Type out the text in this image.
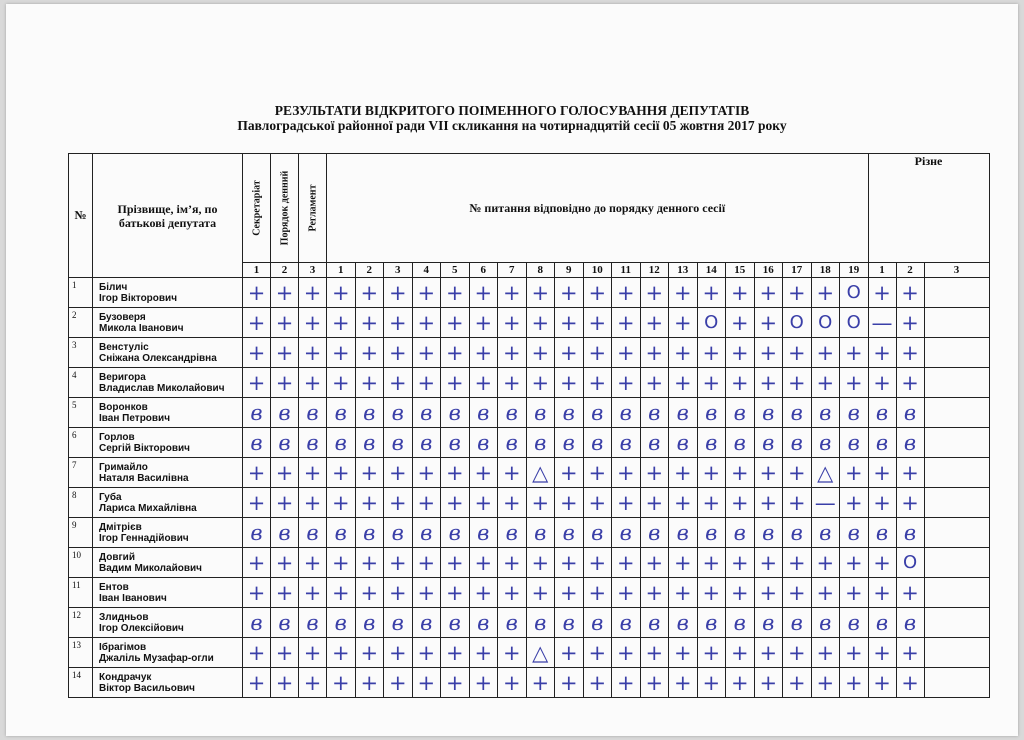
РЕЗУЛЬТАТИ ВІДКРИТОГО ПОІМЕННОГО ГОЛОСУВАННЯ ДЕПУТАТІВ
Павлоградської районної ради VII скликання на чотирнадцятій сесії 05 жовтня 2017 року
№	Прізвище, ім’я, по батькові депутата	Секретаріат	Порядок денний	Регламент	№ питання відповідно до порядку денного сесії																			Різне		
		1	2	3	1	2	3	4	5	6	7	8	9	10	11	12	13	14	15	16	17	18	19	1	2	3
1	Білич
Ігор Вікторович	+	+	+	+	+	+	+	+	+	+	+	+	+	+	+	+	+	+	+	+	+	O	+	+	
2	Бузоверя
Микола Іванович	+	+	+	+	+	+	+	+	+	+	+	+	+	+	+	+	O	+	+	O	O	O	—	+	
3	Венстуліс
Сніжана Олександрівна	+	+	+	+	+	+	+	+	+	+	+	+	+	+	+	+	+	+	+	+	+	+	+	+	
4	Веригора
Владислав Миколайович	+	+	+	+	+	+	+	+	+	+	+	+	+	+	+	+	+	+	+	+	+	+	+	+	
5	Воронков
Іван Петрович	в	в	в	в	в	в	в	в	в	в	в	в	в	в	в	в	в	в	в	в	в	в	в	в	
6	Горлов
Сергій Вікторович	в	в	в	в	в	в	в	в	в	в	в	в	в	в	в	в	в	в	в	в	в	в	в	в	
7	Гримайло
Наталя Василівна	+	+	+	+	+	+	+	+	+	+	△	+	+	+	+	+	+	+	+	+	△	+	+	+	
8	Губа
Лариса Михайлівна	+	+	+	+	+	+	+	+	+	+	+	+	+	+	+	+	+	+	+	+	—	+	+	+	
9	Дмітрієв
Ігор Геннадійович	в	в	в	в	в	в	в	в	в	в	в	в	в	в	в	в	в	в	в	в	в	в	в	в	
10	Довгий
Вадим Миколайович	+	+	+	+	+	+	+	+	+	+	+	+	+	+	+	+	+	+	+	+	+	+	+	O	
11	Ентов
Іван Іванович	+	+	+	+	+	+	+	+	+	+	+	+	+	+	+	+	+	+	+	+	+	+	+	+	
12	Злидньов
Ігор Олексійович	в	в	в	в	в	в	в	в	в	в	в	в	в	в	в	в	в	в	в	в	в	в	в	в	
13	Ібрагімов
Джаліль Музафар-огли	+	+	+	+	+	+	+	+	+	+	△	+	+	+	+	+	+	+	+	+	+	+	+	+	
14	Кондрачук
Віктор Васильович	+	+	+	+	+	+	+	+	+	+	+	+	+	+	+	+	+	+	+	+	+	+	+	+	
